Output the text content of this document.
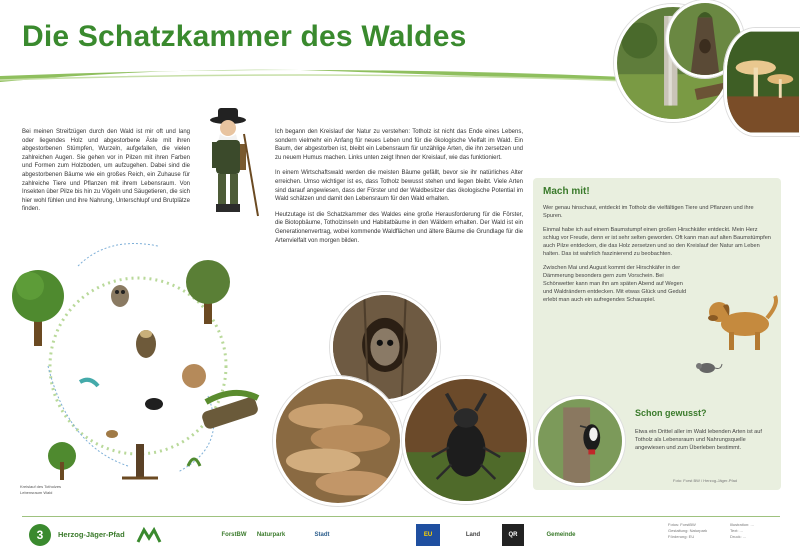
Die Schatzkammer des Waldes

Bei meinen Streifzügen durch den Wald ist mir oft und lang oder liegendes Holz und abgestorbene Äste mit ihren abgestorbenen Stümpfen, Wurzeln, aufgefallen, die vielen zahlreichen Augen. Sie gehen vor in Pilzen mit ihren Farben und Formen zum Holzboden, um aufzugehen. Dabei sind die abgestorbenen Bäume wie ein großes Reich, ein Zuhause für zahlreiche Tiere und Pflanzen mit ihrem Lebensraum. Von Insekten über Pilze bis hin zu Vögeln und Säugetieren, die sich hier wohl fühlen und ihre Nahrung, Unterschlupf und Brutplätze finden.

Ich begann den Kreislauf der Natur zu verstehen: Totholz ist nicht das Ende eines Lebens, sondern vielmehr ein Anfang für neues Leben und für die ökologische Vielfalt im Wald. Ein Baum, der abgestorben ist, bleibt ein Lebensraum für unzählige Arten, die ihn zersetzen und zu neuem Humus machen. Links unten zeigt Ihnen der Kreislauf, wie das funktioniert.

In einem Wirtschaftswald werden die meisten Bäume gefällt, bevor sie ihr natürliches Alter erreichen. Umso wichtiger ist es, dass Totholz bewusst stehen und liegen bleibt. Viele Arten sind darauf angewiesen, dass der Förster und der Waldbesitzer das ökologische Potential im Wald schätzen und damit den Lebensraum für den Wald erhalten.

Heutzutage ist die Schatzkammer des Waldes eine große Herausforderung für die Förster, die Biotopbäume, Totholzinseln und Habitatbäume in den Wäldern erhalten. Der Wald ist ein Generationenvertrag, wobei kommende Waldflächen und ältere Bäume die Grundlage für die Artenvielfalt von morgen bilden.

Kreislauf des Totholzes
Lebensraum Wald
Mach mit!

Wer genau hinschaut, entdeckt im Totholz die vielfältigen Tiere und Pflanzen und ihre Spuren.

Einmal habe ich auf einem Baumstumpf einen großen Hirschkäfer entdeckt. Mein Herz schlug vor Freude, denn er ist sehr selten geworden. Oft kann man auf alten Baumstümpfen auch Pilze entdecken, die das Holz zersetzen und so den Kreislauf der Natur am Leben halten. Das ist wahrlich faszinierend zu beobachten.

Zwischen Mai und August kommt der Hirschkäfer in der Dämmerung besonders gern zum Vorschein. Bei Schönwetter kann man ihn am späten Abend auf Wegen und Waldrändern entdecken. Mit etwas Glück und Geduld erlebt man auch ein aufregendes Schauspiel.

Schon gewusst?
Etwa ein Drittel aller im Wald lebenden Arten ist auf Totholz als Lebensraum und Nahrungsquelle angewiesen und zum Überleben bestimmt.
Foto: Forst BW / Herzog-Jäger-Pfad
3	Herzog-Jäger-Pfad	ForstBW	Naturpark	Stadt	EU	Land	QR	Gemeinde
Fotos: ForstBW
Gestaltung: Naturpark
Förderung: EU
Illustration: ...
Text: ...
Druck: ...
